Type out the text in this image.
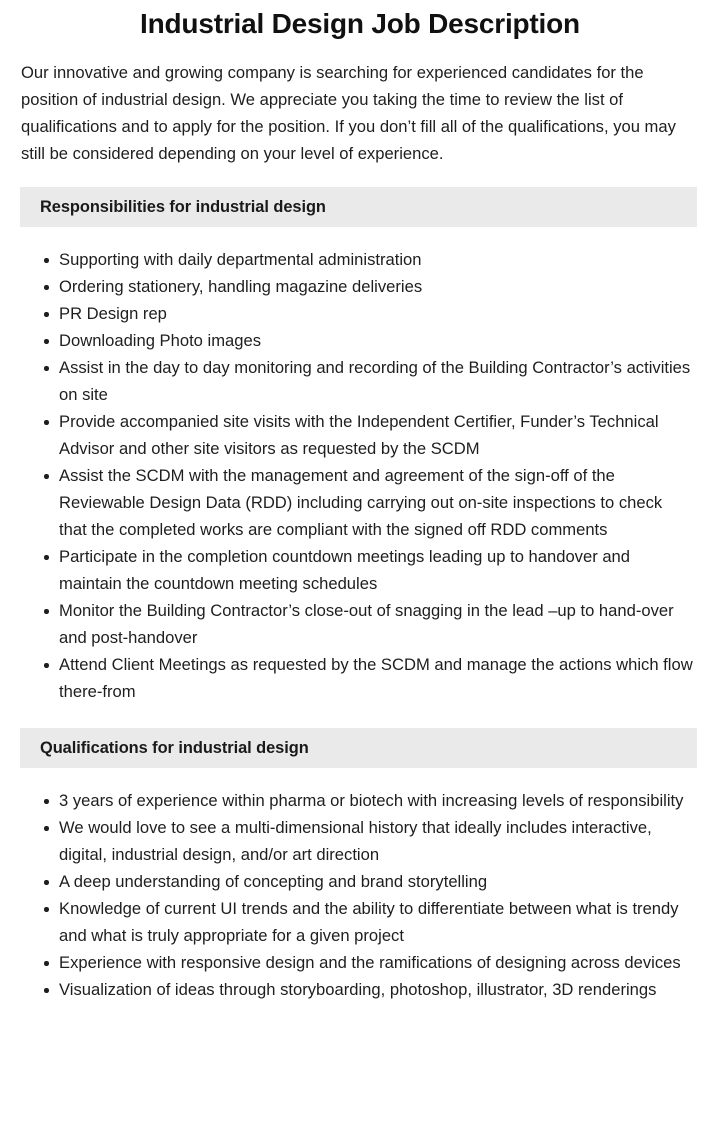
Industrial Design Job Description

Our innovative and growing company is searching for experienced candidates for the position of industrial design. We appreciate you taking the time to review the list of qualifications and to apply for the position. If you don’t fill all of the qualifications, you may still be considered depending on your level of experience.

Responsibilities for industrial design
Supporting with daily departmental administration
Ordering stationery, handling magazine deliveries
PR Design rep
Downloading Photo images
Assist in the day to day monitoring and recording of the Building Contractor’s activities on site
Provide accompanied site visits with the Independent Certifier, Funder’s Technical Advisor and other site visitors as requested by the SCDM
Assist the SCDM with the management and agreement of the sign-off of the Reviewable Design Data (RDD) including carrying out on-site inspections to check that the completed works are compliant with the signed off RDD comments
Participate in the completion countdown meetings leading up to handover and maintain the countdown meeting schedules
Monitor the Building Contractor’s close-out of snagging in the lead –up to hand-over and post-handover
Attend Client Meetings as requested by the SCDM and manage the actions which flow there-from
Qualifications for industrial design
3 years of experience within pharma or biotech with increasing levels of responsibility
We would love to see a multi-dimensional history that ideally includes interactive, digital, industrial design, and/or art direction
A deep understanding of concepting and brand storytelling
Knowledge of current UI trends and the ability to differentiate between what is trendy and what is truly appropriate for a given project
Experience with responsive design and the ramifications of designing across devices
Visualization of ideas through storyboarding, photoshop, illustrator, 3D renderings
